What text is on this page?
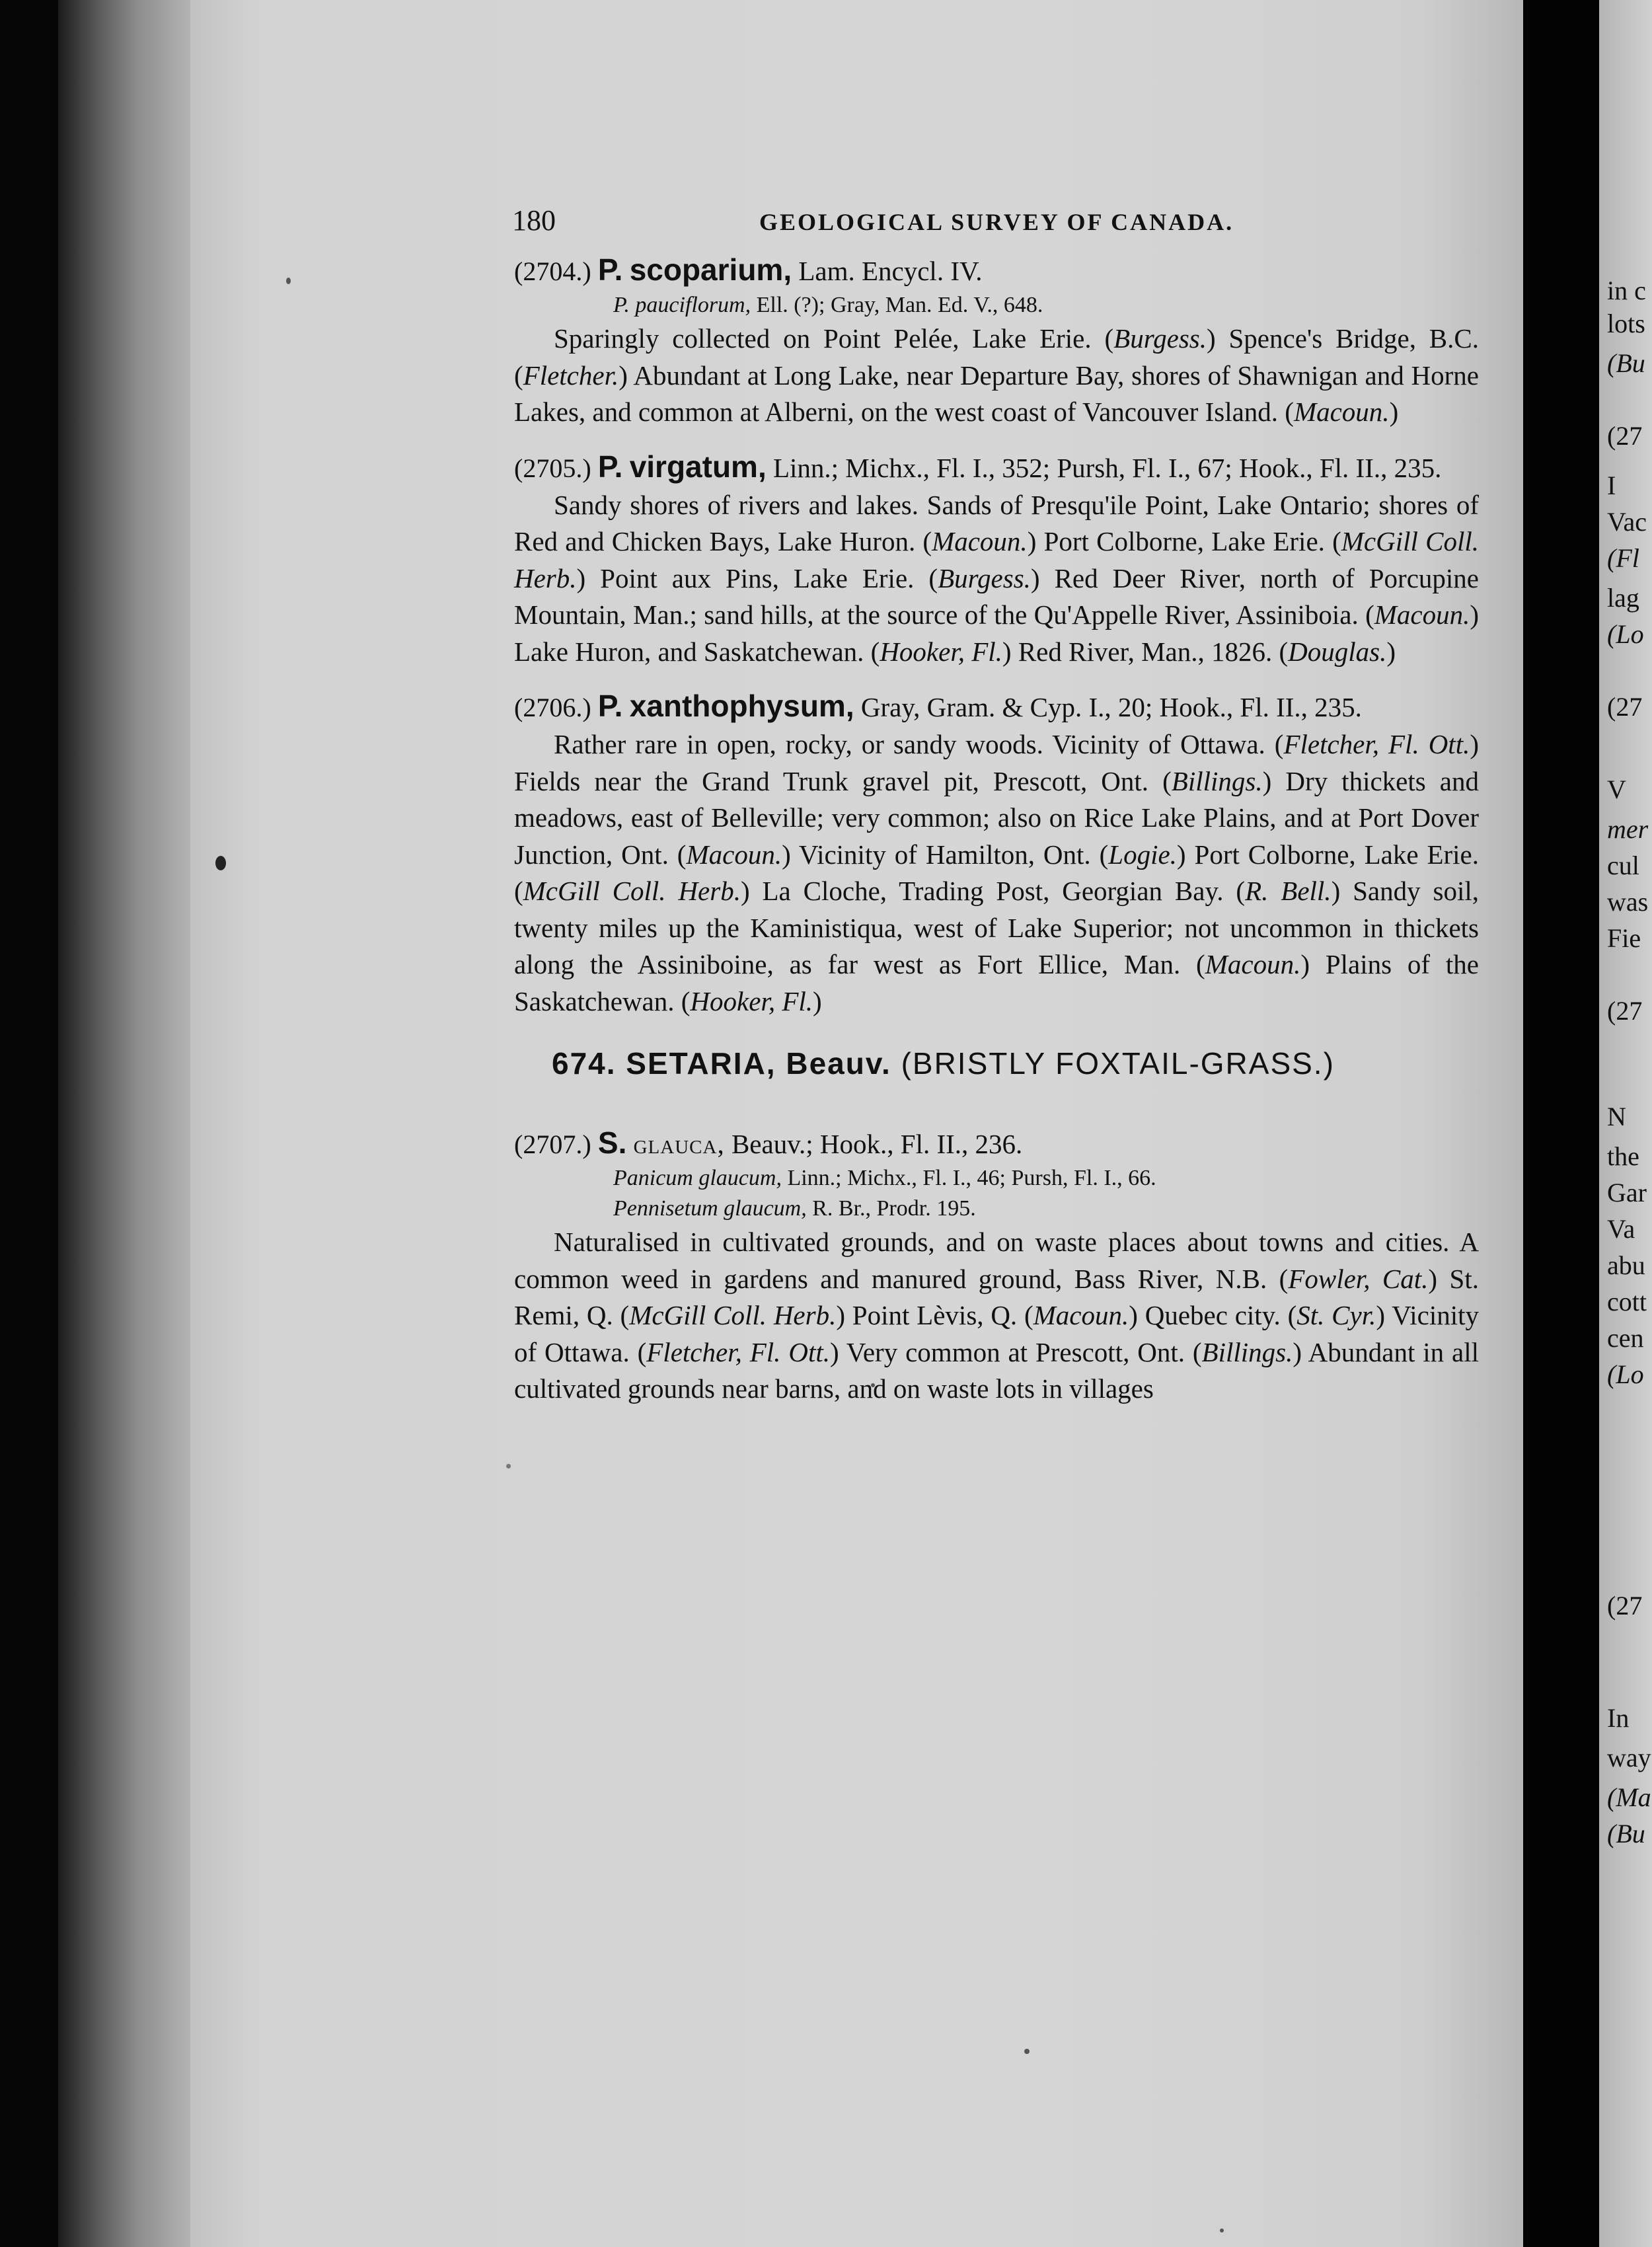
180	GEOLOGICAL SURVEY OF CANADA.

(2704.) P. scoparium, Lam. Encycl. IV.

P. pauciflorum, Ell. (?); Gray, Man. Ed. V., 648.

Sparingly collected on Point Pelée, Lake Erie. (Burgess.) Spence's Bridge, B.C. (Fletcher.) Abundant at Long Lake, near Departure Bay, shores of Shawnigan and Horne Lakes, and common at Alberni, on the west coast of Vancouver Island. (Macoun.)

(2705.) P. virgatum, Linn.; Michx., Fl. I., 352; Pursh, Fl. I., 67; Hook., Fl. II., 235.

Sandy shores of rivers and lakes. Sands of Presqu'ile Point, Lake Ontario; shores of Red and Chicken Bays, Lake Huron. (Macoun.) Port Colborne, Lake Erie. (McGill Coll. Herb.) Point aux Pins, Lake Erie. (Burgess.) Red Deer River, north of Porcupine Mountain, Man.; sand hills, at the source of the Qu'Appelle River, Assiniboia. (Macoun.) Lake Huron, and Saskatchewan. (Hooker, Fl.) Red River, Man., 1826. (Douglas.)

(2706.) P. xanthophysum, Gray, Gram. & Cyp. I., 20; Hook., Fl. II., 235.

Rather rare in open, rocky, or sandy woods. Vicinity of Ottawa. (Fletcher, Fl. Ott.) Fields near the Grand Trunk gravel pit, Prescott, Ont. (Billings.) Dry thickets and meadows, east of Belleville; very common; also on Rice Lake Plains, and at Port Dover Junction, Ont. (Macoun.) Vicinity of Hamilton, Ont. (Logie.) Port Colborne, Lake Erie. (McGill Coll. Herb.) La Cloche, Trading Post, Georgian Bay. (R. Bell.) Sandy soil, twenty miles up the Kaministiqua, west of Lake Superior; not uncommon in thickets along the Assiniboine, as far west as Fort Ellice, Man. (Macoun.) Plains of the Saskatchewan. (Hooker, Fl.)

674. SETARIA, Beauv. (BRISTLY FOXTAIL-GRASS.)

(2707.) S. glauca, Beauv.; Hook., Fl. II., 236.

Panicum glaucum, Linn.; Michx., Fl. I., 46; Pursh, Fl. I., 66.

Pennisetum glaucum, R. Br., Prodr. 195.

Naturalised in cultivated grounds, and on waste places about towns and cities. A common weed in gardens and manured ground, Bass River, N.B. (Fowler, Cat.) St. Remi, Q. (McGill Coll. Herb.) Point Lèvis, Q. (Macoun.) Quebec city. (St. Cyr.) Vicinity of Ottawa. (Fletcher, Fl. Ott.) Very common at Prescott, Ont. (Billings.) Abundant in all cultivated grounds near barns, and on waste lots in villages

in c
lots
(Bu
(27
I
Vac
(Fl
lag
(Lo
(27
V
mer
cul
was
Fie
(27
N
the
Gar
Va
abu
cott
cen
(Lo
(27
In
way
(Ma
(Bu
